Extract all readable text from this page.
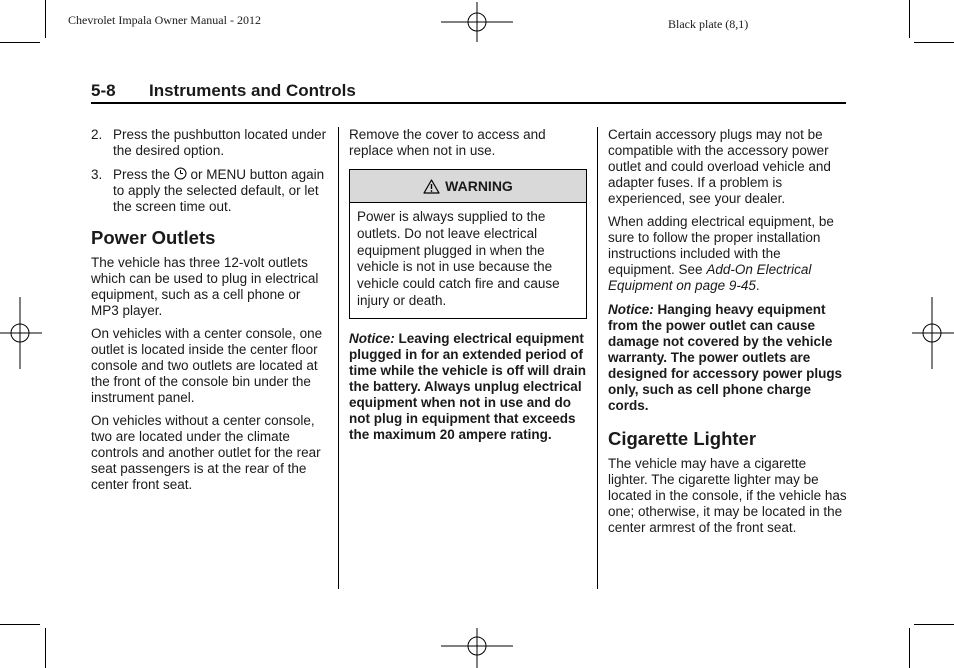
Chevrolet Impala Owner Manual - 2012	Black plate (8,1)
5-8 Instruments and Controls
2. Press the pushbutton located under the desired option.
3. Press the  or MENU button again to apply the selected default, or let the screen time out.
Power Outlets

The vehicle has three 12-volt outlets which can be used to plug in electrical equipment, such as a cell phone or MP3 player.

On vehicles with a center console, one outlet is located inside the center floor console and two outlets are located at the front of the console bin under the instrument panel.

On vehicles without a center console, two are located under the climate controls and another outlet for the rear seat passengers is at the rear of the center front seat.

Remove the cover to access and replace when not in use.

WARNING
Power is always supplied to the outlets. Do not leave electrical equipment plugged in when the vehicle is not in use because the vehicle could catch fire and cause injury or death.

Notice: Leaving electrical equipment plugged in for an extended period of time while the vehicle is off will drain the battery. Always unplug electrical equipment when not in use and do not plug in equipment that exceeds the maximum 20 ampere rating.

Certain accessory plugs may not be compatible with the accessory power outlet and could overload vehicle and adapter fuses. If a problem is experienced, see your dealer.

When adding electrical equipment, be sure to follow the proper installation instructions included with the equipment. See Add-On Electrical Equipment on page 9-45.

Notice: Hanging heavy equipment from the power outlet can cause damage not covered by the vehicle warranty. The power outlets are designed for accessory power plugs only, such as cell phone charge cords.

Cigarette Lighter

The vehicle may have a cigarette lighter. The cigarette lighter may be located in the console, if the vehicle has one; otherwise, it may be located in the center armrest of the front seat.
